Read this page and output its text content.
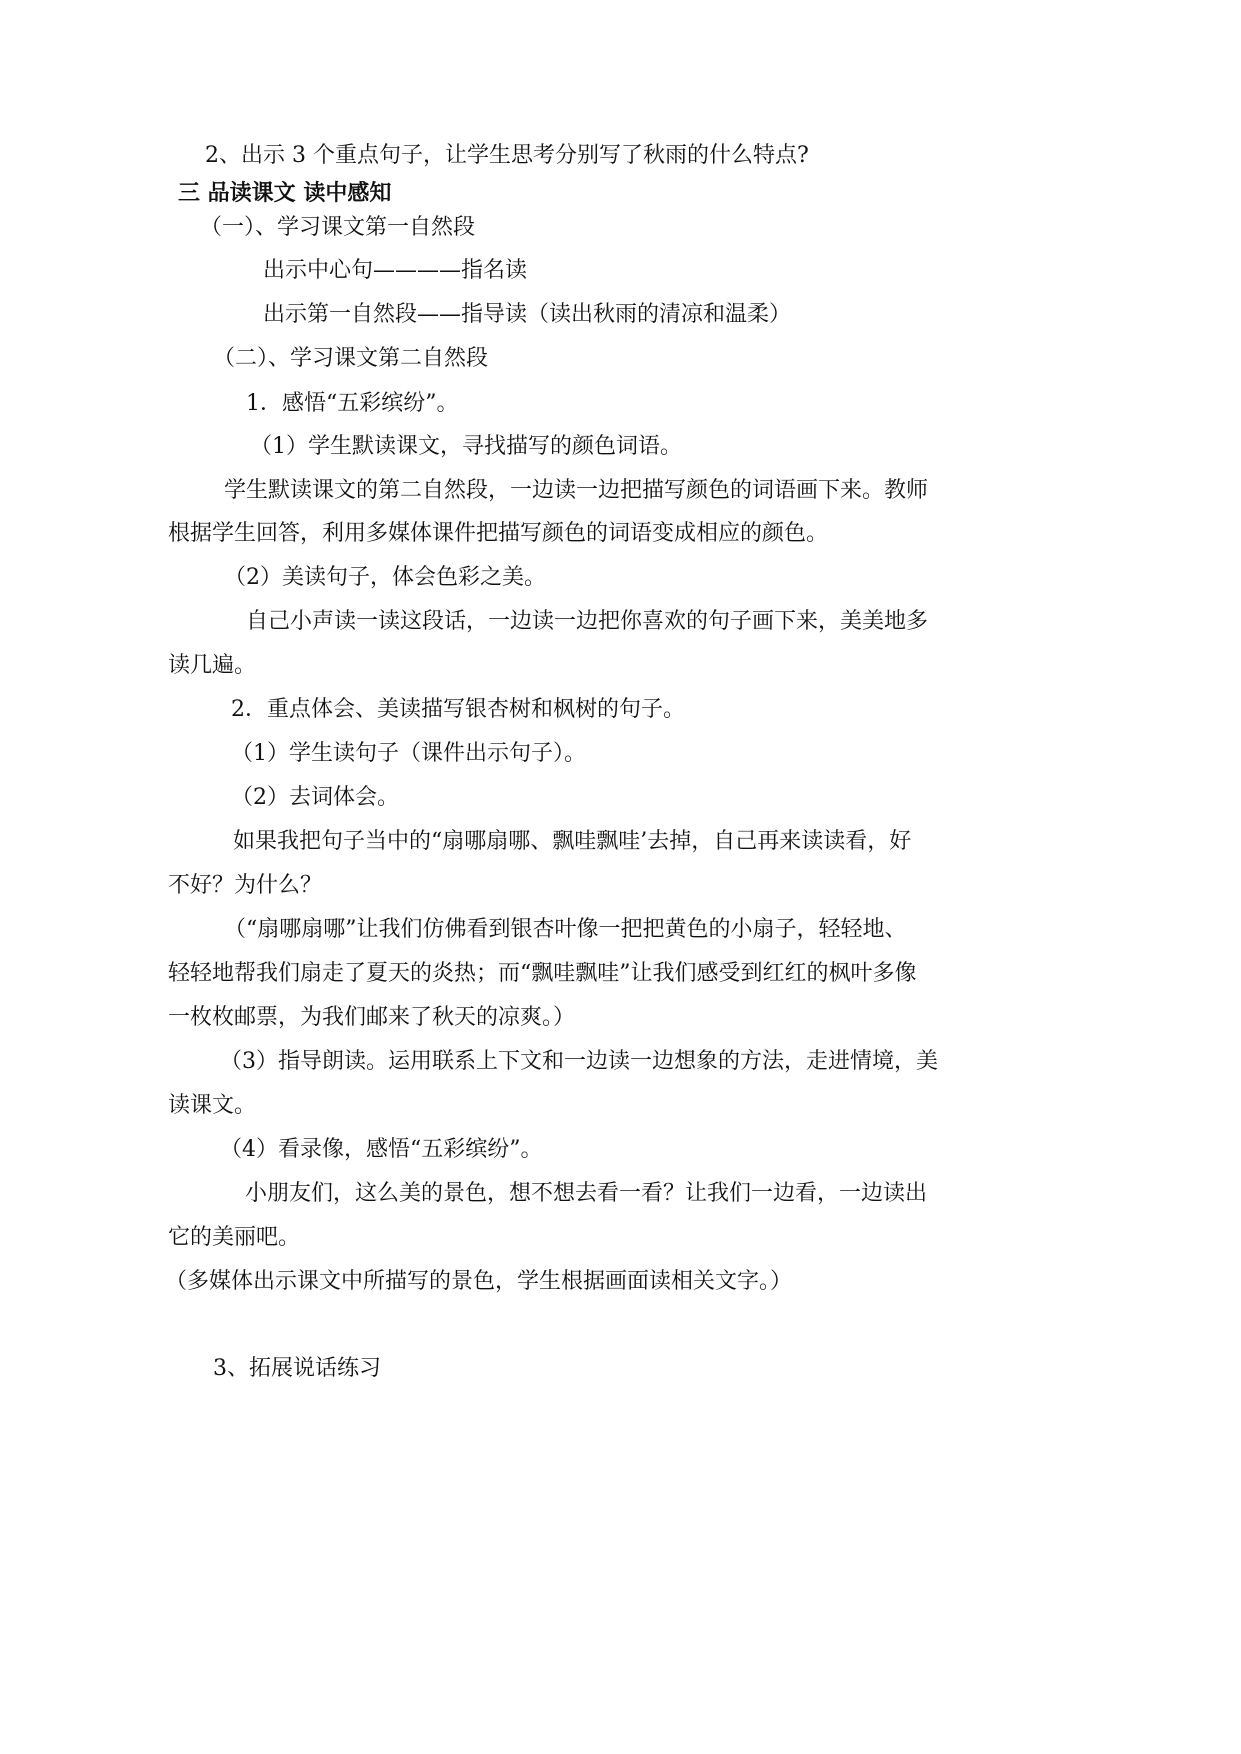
2、出示 3 个重点句子，让学生思考分别写了秋雨的什么特点?
三 品读课文 读中感知
（一）、学习课文第一自然段
出示中心句————指名读
出示第一自然段——指导读（读出秋雨的清凉和温柔）
（二）、学习课文第二自然段
1．感悟“五彩缤纷”。
（1）学生默读课文，寻找描写的颜色词语。
学生默读课文的第二自然段，一边读一边把描写颜色的词语画下来。教师
根据学生回答，利用多媒体课件把描写颜色的词语变成相应的颜色。
（2）美读句子，体会色彩之美。
自己小声读一读这段话，一边读一边把你喜欢的句子画下来，美美地多
读几遍。
2．重点体会、美读描写银杏树和枫树的句子。
（1）学生读句子（课件出示句子）。
（2）去词体会。
如果我把句子当中的“扇哪扇哪、飘哇飘哇’去掉，自己再来读读看，好
不好？为什么？
（“扇哪扇哪”让我们仿佛看到银杏叶像一把把黄色的小扇子，轻轻地、
轻轻地帮我们扇走了夏天的炎热；而“飘哇飘哇”让我们感受到红红的枫叶多像
一枚枚邮票，为我们邮来了秋天的凉爽。）
（3）指导朗读。运用联系上下文和一边读一边想象的方法，走进情境，美
读课文。
（4）看录像，感悟“五彩缤纷”。
小朋友们，这么美的景色，想不想去看一看？让我们一边看，一边读出
它的美丽吧。
（多媒体出示课文中所描写的景色，学生根据画面读相关文字。）
3、拓展说话练习
